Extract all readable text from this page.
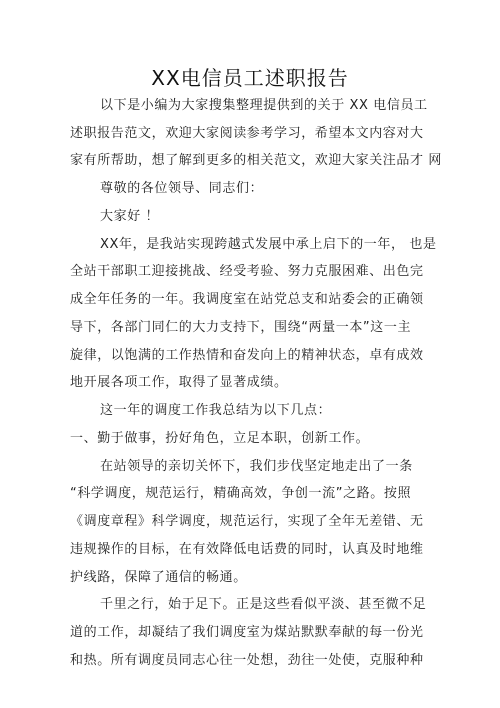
XX电信员工述职报告
以下是小编为大家搜集整理提供到的关于 XX 电信员工
述职报告范文，欢迎大家阅读参考学习，希望本文内容对大
家有所帮助，想了解到更多的相关范文，欢迎大家关注品才 网
尊敬的各位领导、同志们：
大家好 ！
XX年，是我站实现跨越式发展中承上启下的一年， 也是
全站干部职工迎接挑战、经受考验、努力克服困难、出色完
成全年任务的一年。我调度室在站党总支和站委会的正确领
导下，各部门同仁的大力支持下，围绕“两量一本”这一主
旋律，以饱满的工作热情和奋发向上的精神状态，卓有成效
地开展各项工作，取得了显著成绩。
这一年的调度工作我总结为以下几点：
一、勤于做事，扮好角色，立足本职，创新工作。
在站领导的亲切关怀下，我们步伐坚定地走出了一条
“科学调度，规范运行，精确高效，争创一流”之路。按照
《调度章程》科学调度，规范运行，实现了全年无差错、无
违规操作的目标，在有效降低电话费的同时，认真及时地维
护线路，保障了通信的畅通。
千里之行，始于足下。正是这些看似平淡、甚至微不足
道的工作，却凝结了我们调度室为煤站默默奉献的每一份光
和热。所有调度员同志心往一处想，劲往一处使，克服种种
